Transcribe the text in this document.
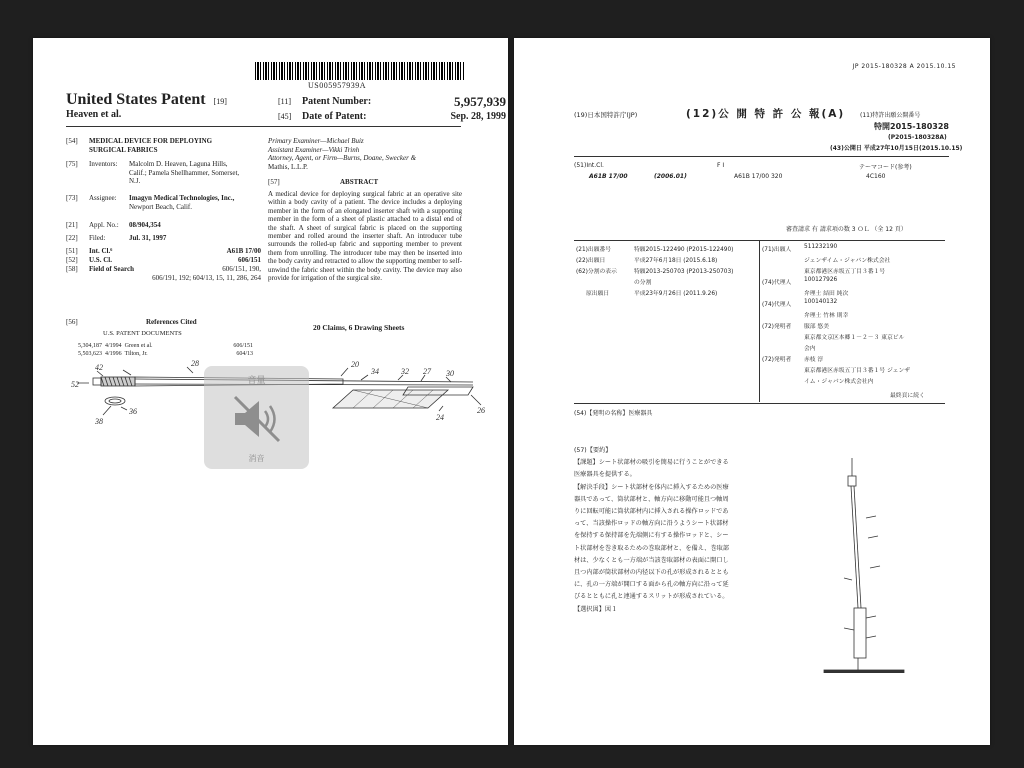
US005957939A
United States Patent [19]
Heaven et al.
[11] Patent Number:	5,957,939
[45] Date of Patent:	Sep. 28, 1999
[54] MEDICAL DEVICE FOR DEPLOYING
SURGICAL FABRICS
[75] Inventors: Malcolm D. Heaven, Laguna Hills,
Calif.; Pamela Shellhammer, Somerset,
N.J.
[73] Assignee: Imagyn Medical Technologies, Inc.,
Newport Beach, Calif.
[21] Appl. No.: 08/904,354
[22] Filed:	Jul. 31, 1997
[51] Int. Cl.⁶	A61B 17/00
[52] U.S. Cl.	606/151
[58] Field of Search	606/151, 190,
606/191, 192; 604/13, 15, 11, 286, 264
[56]	References Cited
U.S. PATENT DOCUMENTS
5,304,187 4/1994 Green et al.	606/151
5,503,623 4/1996 Tilton, Jr.	604/13
Primary Examiner—Michael Buiz
Assistant Examiner—Vikki Trinh
Attorney, Agent, or Firm—Burns, Doane, Swecker &
Mathis, L.L.P.
[57]	ABSTRACT
A medical device for deploying surgical fabric at an operative site within a body cavity of a patient. The device includes a deploying member in the form of an elongated inserter shaft with a supporting member in the form of a sheet of plastic attached to a distal end of the shaft. A sheet of surgical fabric is placed on the supporting member and rolled around the inserter shaft. An introducer tube surrounds the rolled-up fabric and supporting member to prevent them from unrolling. The introducer tube may then be inserted into the body cavity and retracted to allow the supporting member to self-unwind the fabric sheet within the body cavity. The device may also provide for irrigation of the surgical site.
20 Claims, 6 Drawing Sheets
52
42	28	20
34	32 27 30
38
36
24
26
音量
消音
JP 2015-180328 A 2015.10.15
(19)日本国特許庁(JP)	(12)公 開 特 許 公 報(A) (11)特許出願公開番号
特開2015-180328
(P2015-180328A)
(43)公開日 平成27年10月15日(2015.10.15)
(51)Int.Cl.	F I	テーマコード(参考)
A61B 17/00	(2006.01)	A61B 17/00 320	4C160
審査請求 有 請求項の数 3 ＯＬ （全 12 頁）
(21)出願番号	特願2015-122490 (P2015-122490)
(22)出願日	平成27年6月18日 (2015.6.18)
(62)分割の表示	特願2013-250703 (P2013-250703)
の分割
原出願日	平成23年9月26日 (2011.9.26)
(71)出願人 511232190
ジェンザイム・ジャパン株式会社
東京都港区赤坂五丁目３番１号
(74)代理人 100127926
弁理士 結田 純次
(74)代理人 100140132
弁理士 竹林 則幸
(72)発明者 服部 悠美
東京都文京区本郷１－２－３ 東京ビル
会内
(72)発明者 赤枝 淳
東京都港区赤坂五丁目３番１号 ジェンザ
イム・ジャパン株式会社内
最終頁に続く
(54)【発明の名称】医療器具
(57)【要約】
【課題】シート状部材の吸引を簡易に行うことができる
医療器具を提供する。
【解決手段】シート状部材を体内に挿入するための医療
器具であって、筒状部材と、軸方向に移動可能且つ軸周
りに回転可能に筒状部材内に挿入される操作ロッドであ
って、当該操作ロッドの軸方向に沿うようシート状部材
を保持する保持部を先端側に有する操作ロッドと、シー
ト状部材を巻き取るための巻取部材と、を備え、巻取部
材は、少なくとも一方端が当該巻取部材の表面に開口し
且つ内部が筒状部材の内径以下の孔が形成されるととも
に、孔の一方端が開口する面から孔の軸方向に沿って延
びるとともに孔と連通するスリットが形成されている。
【選択図】図１
